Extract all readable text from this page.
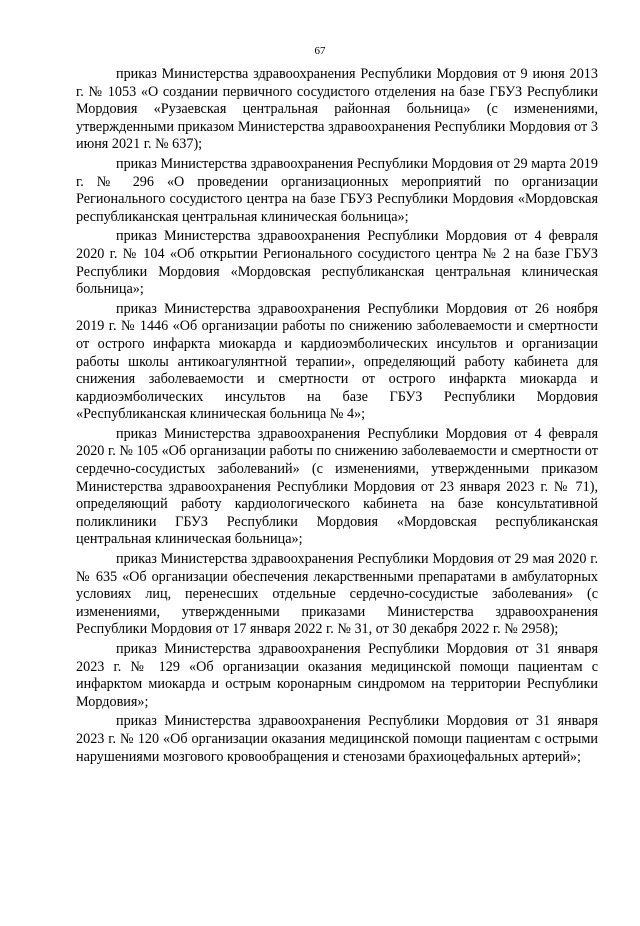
67

приказ Министерства здравоохранения Республики Мордовия от 9 июня 2013 г. № 1053 «О создании первичного сосудистого отделения на базе ГБУЗ Республики Мордовия «Рузаевская центральная районная больница» (с изменениями, утвержденными приказом Министерства здравоохранения Республики Мордовия от 3 июня 2021 г. № 637);

приказ Министерства здравоохранения Республики Мордовия от 29 марта 2019 г. № 296 «О проведении организационных мероприятий по организации Регионального сосудистого центра на базе ГБУЗ Республики Мордовия «Мордовская республиканская центральная клиническая больница»;

приказ Министерства здравоохранения Республики Мордовия от 4 февраля 2020 г. № 104 «Об открытии Регионального сосудистого центра № 2 на базе ГБУЗ Республики Мордовия «Мордовская республиканская центральная клиническая больница»;

приказ Министерства здравоохранения Республики Мордовия от 26 ноября 2019 г. № 1446 «Об организации работы по снижению заболеваемости и смертности от острого инфаркта миокарда и кардиоэмболических инсультов и организации работы школы антикоагулянтной терапии», определяющий работу кабинета для снижения заболеваемости и смертности от острого инфаркта миокарда и кардиоэмболических инсультов на базе ГБУЗ Республики Мордовия «Республиканская клиническая больница № 4»;

приказ Министерства здравоохранения Республики Мордовия от 4 февраля 2020 г. № 105 «Об организации работы по снижению заболеваемости и смертности от сердечно-сосудистых заболеваний» (с изменениями, утвержденными приказом Министерства здравоохранения Республики Мордовия от 23 января 2023 г. № 71), определяющий работу кардиологического кабинета на базе консультативной поликлиники ГБУЗ Республики Мордовия «Мордовская республиканская центральная клиническая больница»;

приказ Министерства здравоохранения Республики Мордовия от 29 мая 2020 г. № 635 «Об организации обеспечения лекарственными препаратами в амбулаторных условиях лиц, перенесших отдельные сердечно-сосудистые заболевания» (с изменениями, утвержденными приказами Министерства здравоохранения Республики Мордовия от 17 января 2022 г. № 31, от 30 декабря 2022 г. № 2958);

приказ Министерства здравоохранения Республики Мордовия от 31 января 2023 г. № 129 «Об организации оказания медицинской помощи пациентам с инфарктом миокарда и острым коронарным синдромом на территории Республики Мордовия»;

приказ Министерства здравоохранения Республики Мордовия от 31 января 2023 г. № 120 «Об организации оказания медицинской помощи пациентам с острыми нарушениями мозгового кровообращения и стенозами брахиоцефальных артерий»;
